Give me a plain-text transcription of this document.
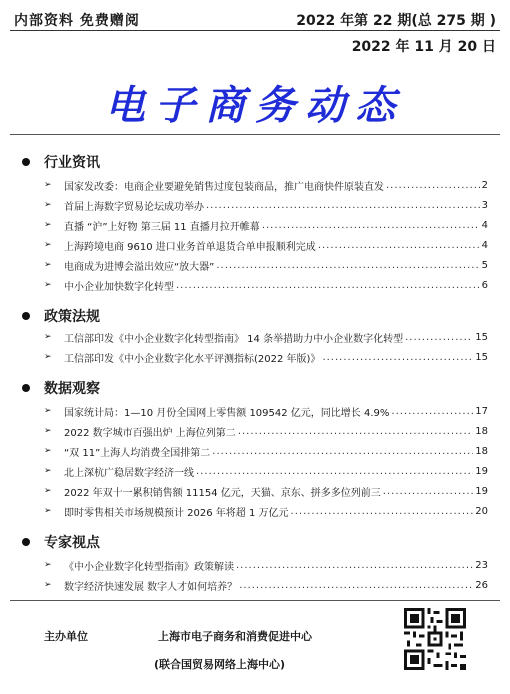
内部资料 免费赠阅	2022 年第 22 期(总 275 期 )
2022 年 11 月 20 日
电子商务动态
行业资讯
➢	国家发改委：电商企业要避免销售过度包装商品，推广电商快件原装直发 .....	2
➢	首届上海数字贸易论坛成功举办 .....	3
➢	直播 “沪”上好物 第三届 11 直播月拉开帷幕 .....	4
➢	上海跨境电商 9610 进口业务首单退货合单申报顺利完成 .....	4
➢	电商成为进博会溢出效应“放大器” .....	5
➢	中小企业加快数字化转型 .....	6
政策法规
➢	工信部印发《中小企业数字化转型指南》 14 条举措助力中小企业数字化转型 .....	15
➢	工信部印发《中小企业数字化水平评测指标(2022 年版)》 .....	15
数据观察
➢	国家统计局：1—10 月份全国网上零售额 109542 亿元，同比增长 4.9% .....	17
➢	2022 数字城市百强出炉 上海位列第二 .....	18
➢	“双 11”上海人均消费全国排第二 .....	18
➢	北上深杭广稳居数字经济一线 .....	19
➢	2022 年双十一累积销售额 11154 亿元，天猫、京东、拼多多位列前三 .....	19
➢	即时零售相关市场规模预计 2026 年将超 1 万亿元 .....	20
专家视点
➢	《中小企业数字化转型指南》政策解读 .....	23
➢	数字经济快速发展 数字人才如何培养？ .....	26
主办单位	上海市电子商务和消费促进中心
(联合国贸易网络上海中心)
